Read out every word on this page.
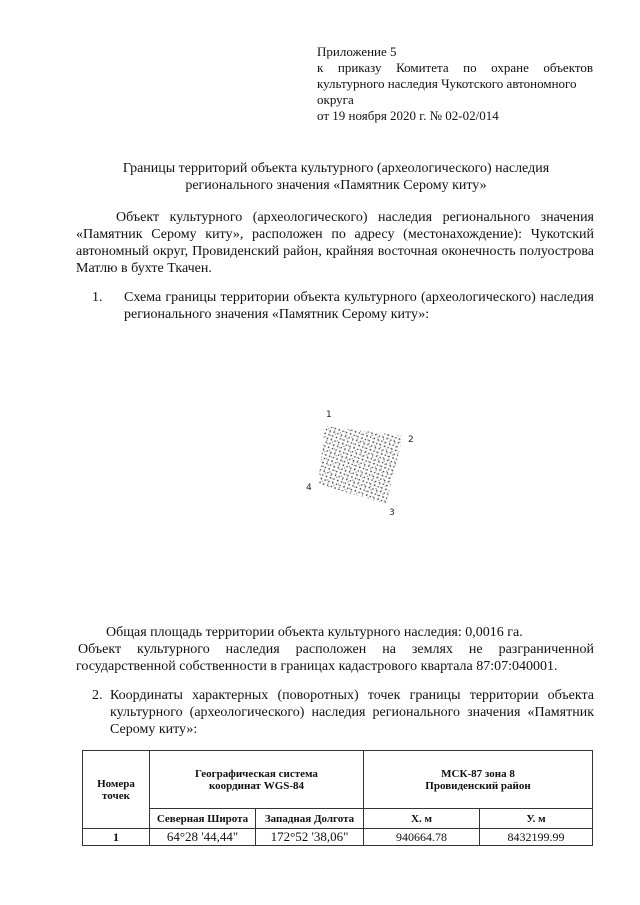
Приложение 5
к приказу Комитета по охране объектов
культурного наследия Чукотского автономного
округа
от 19 ноября 2020 г. № 02-02/014
Границы территорий объекта культурного (археологического) наследия
регионального значения «Памятник Серому киту»
Объект культурного (археологического) наследия регионального значения
«Памятник Серому киту», расположен по адресу (местонахождение): Чукотский
автономный округ, Провиденский район, крайняя восточная оконечность полуострова
Матлю в бухте Ткачен.
1. Схема границы территории объекта культурного (археологического) наследия
регионального значения «Памятник Серому киту»:
1
2
3
4
Общая площадь территории объекта культурного наследия: 0,0016 га.
Объект культурного наследия расположен на землях не разграниченной
государственной собственности в границах кадастрового квартала 87:07:040001.
2. Координаты характерных (поворотных) точек границы территории объекта
культурного (археологического) наследия регионального значения «Памятник
Серому киту»:
Номера точек	Географическая система координат WGS-84		МСК-87 зона 8 Провиденский район	
	Северная Широта	Западная Долгота	X. м	У. м
1	64°28 '44,44"	172°52 '38,06"	940664.78	8432199.99
